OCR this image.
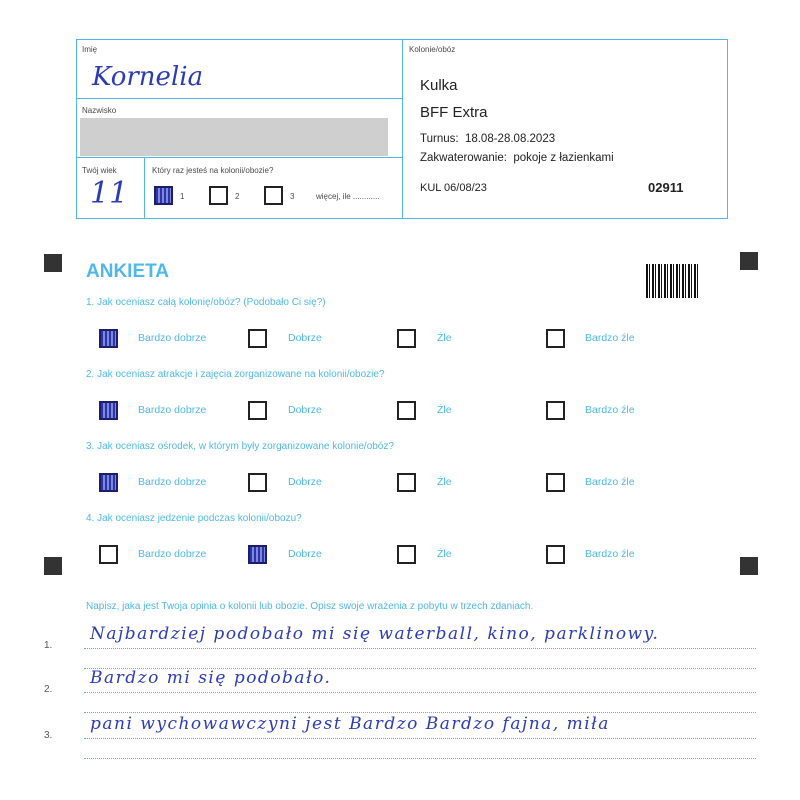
Imię
Kornelia
Nazwisko
Twój wiek
11
Który raz jesteś na kolonii/obozie?
1	2	3	więcej, ile ............
Kolonie/obóz
Kulka
BFF Extra
Turnus:  18.08-28.08.2023
Zakwaterowanie:  pokoje z łazienkami
KUL 06/08/23	02911
ANKIETA
1. Jak oceniasz całą kolonię/obóz? (Podobało Ci się?)
Bardzo dobrze	Dobrze	Źle	Bardzo źle
2. Jak oceniasz atrakcje i zajęcia zorganizowane na kolonii/obozie?
Bardzo dobrze	Dobrze	Źle	Bardzo źle
3. Jak oceniasz ośrodek, w którym były zorganizowane kolonie/obóz?
Bardzo dobrze	Dobrze	Źle	Bardzo źle
4. Jak oceniasz jedzenie podczas kolonii/obozu?
Bardzo dobrze	Dobrze	Źle	Bardzo źle
Napisz, jaka jest Twoja opinia o kolonii lub obozie. Opisz swoje wrażenia z pobytu w trzech zdaniach.
1.
Najbardziej podobało mi się waterball, kino, parklinowy.
2.
Bardzo mi się podobało.
3.
pani wychowawczyni jest Bardzo Bardzo fajna, miła
